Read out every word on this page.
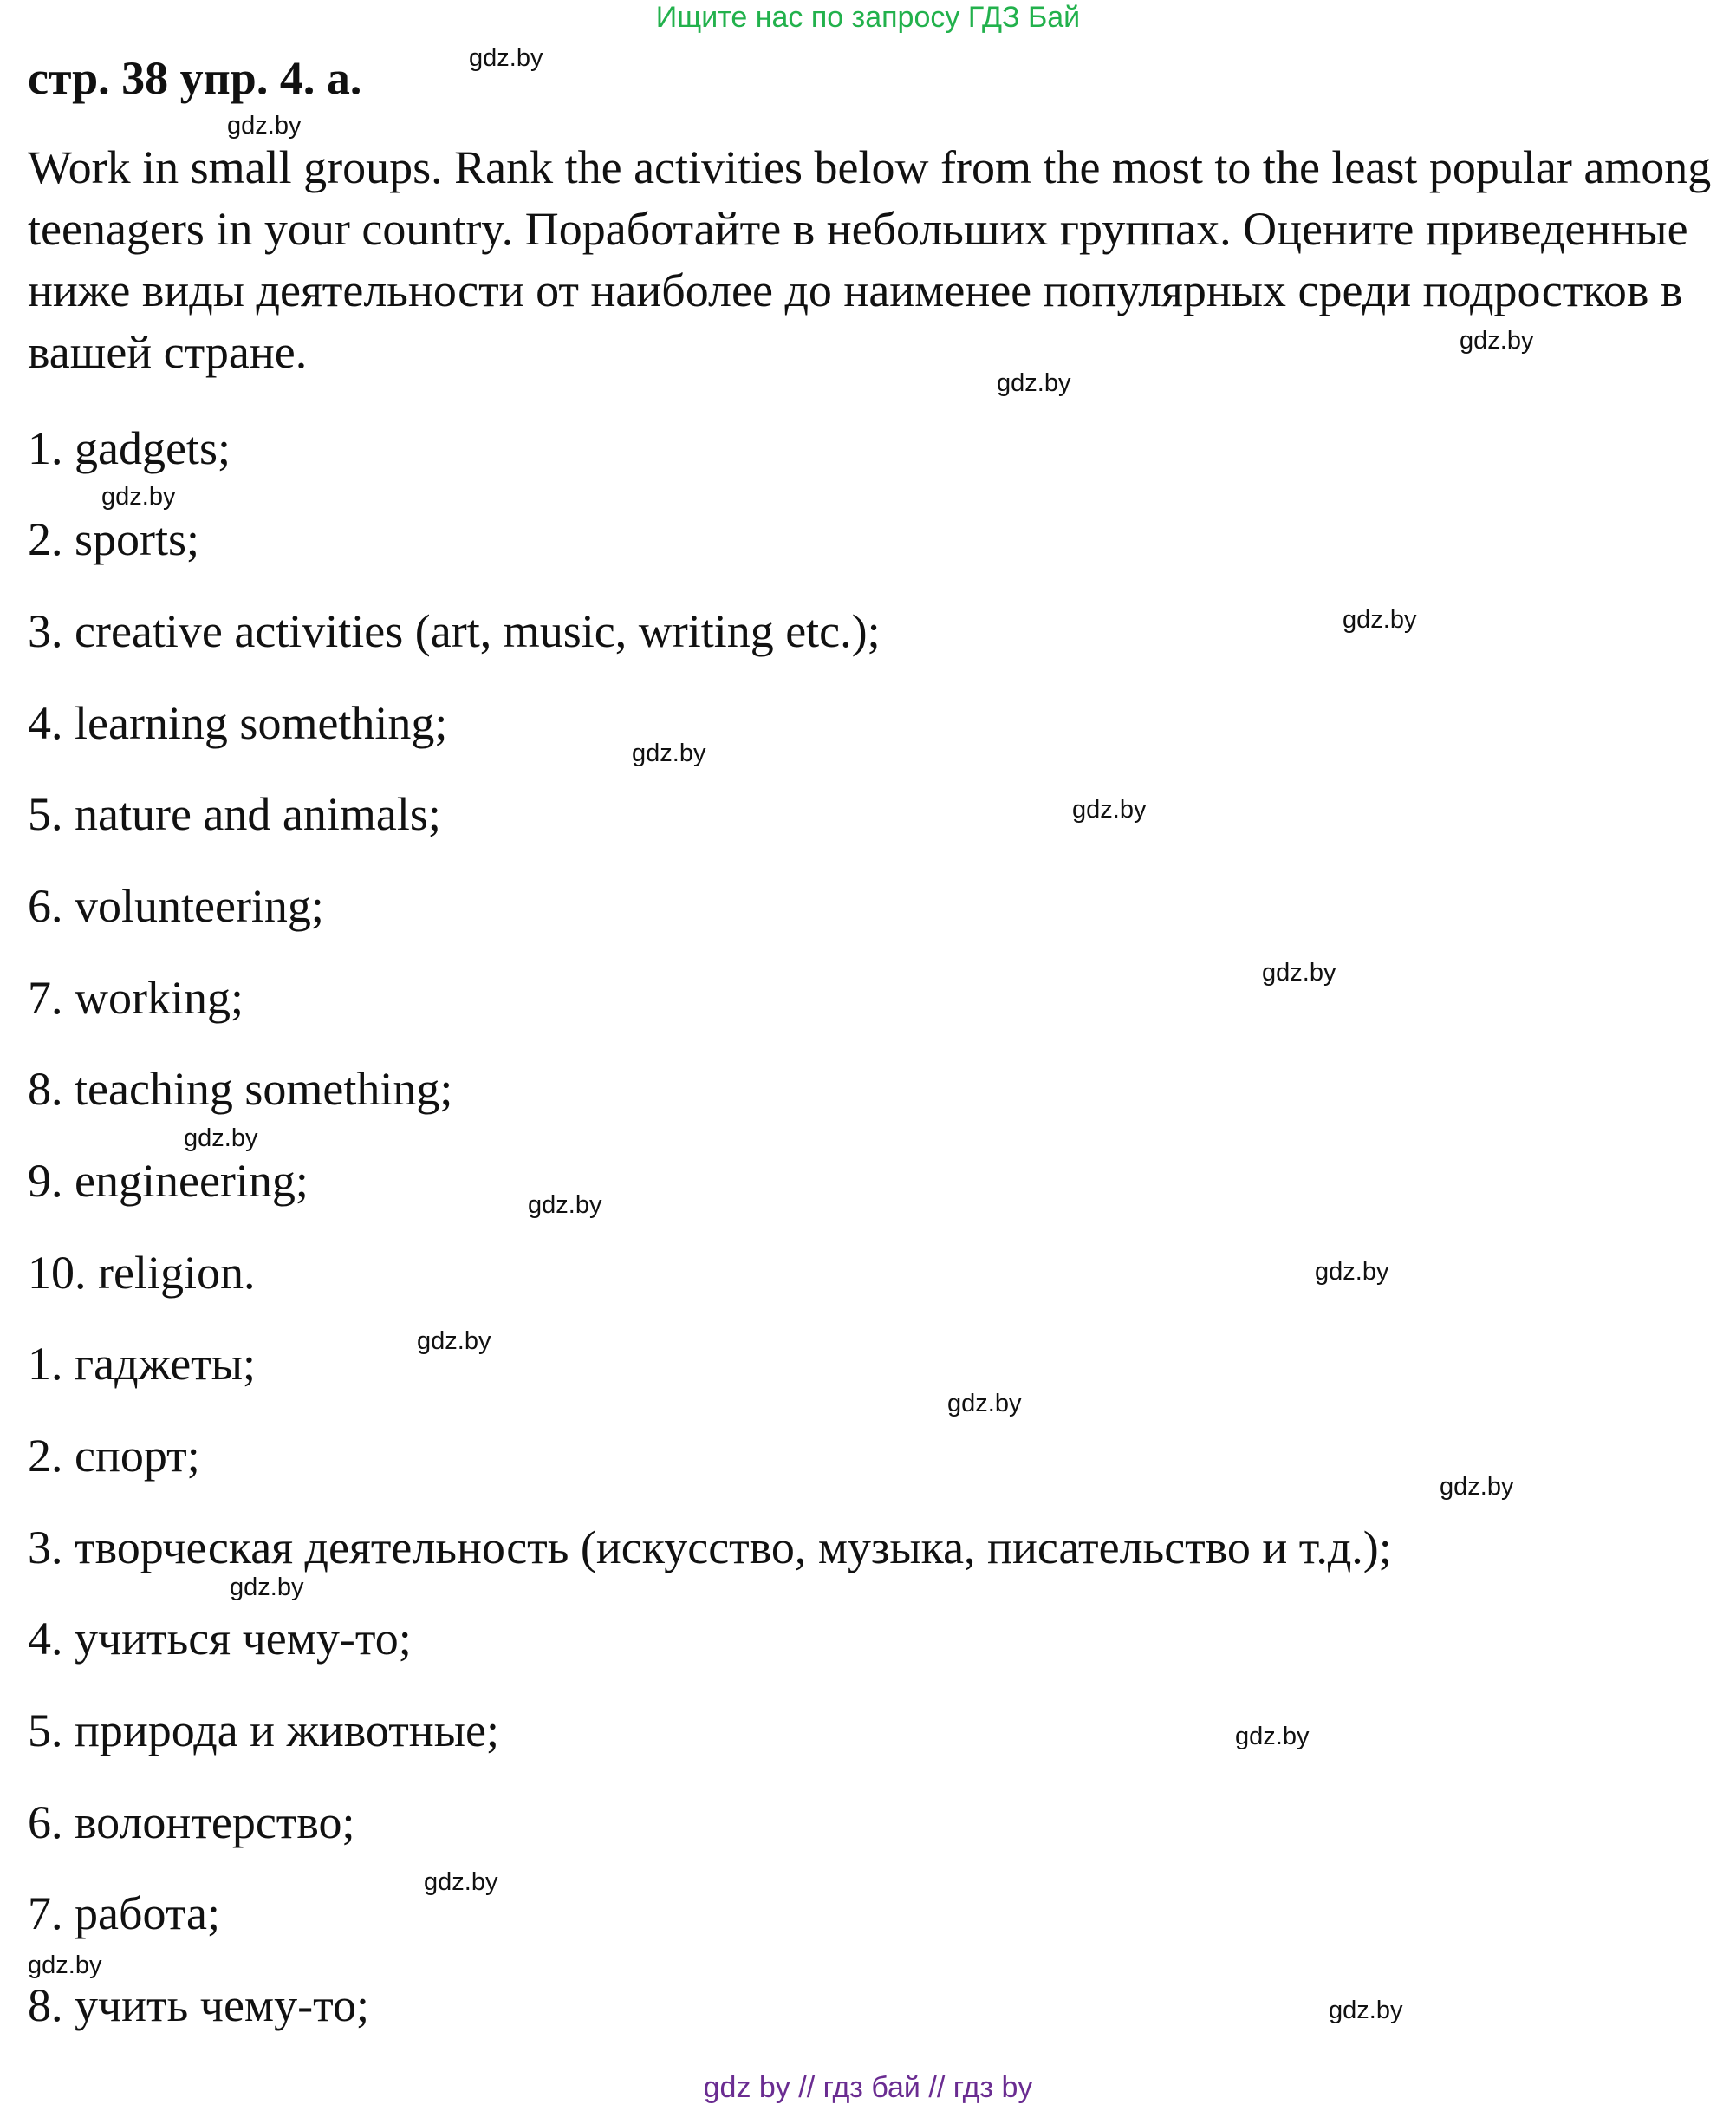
Ищите нас по запросу ГДЗ Бай
стр. 38 упр. 4. а.

Work in small groups. Rank the activities below from the most to the least popular among teenagers in your country. Поработайте в небольших группах. Оцените приведенные ниже виды деятельности от наиболее до наименее популярных среди подростков в вашей стране.

1. gadgets;
2. sports;
3. creative activities (art, music, writing etc.);
4. learning something;
5. nature and animals;
6. volunteering;
7. working;
8. teaching something;
9. engineering;
10. religion.
1. гаджеты;
2. спорт;
3. творческая деятельность (искусство, музыка, писательство и т.д.);
4. учиться чему-то;
5. природа и животные;
6. волонтерство;
7. работа;
8. учить чему-то;
gdz.by
gdz.by
gdz.by
gdz.by
gdz.by
gdz.by
gdz.by
gdz.by
gdz.by
gdz.by
gdz.by
gdz.by
gdz.by
gdz.by
gdz.by
gdz.by
gdz.by
gdz.by
gdz.by
gdz.by
gdz by // гдз бай // гдз by
